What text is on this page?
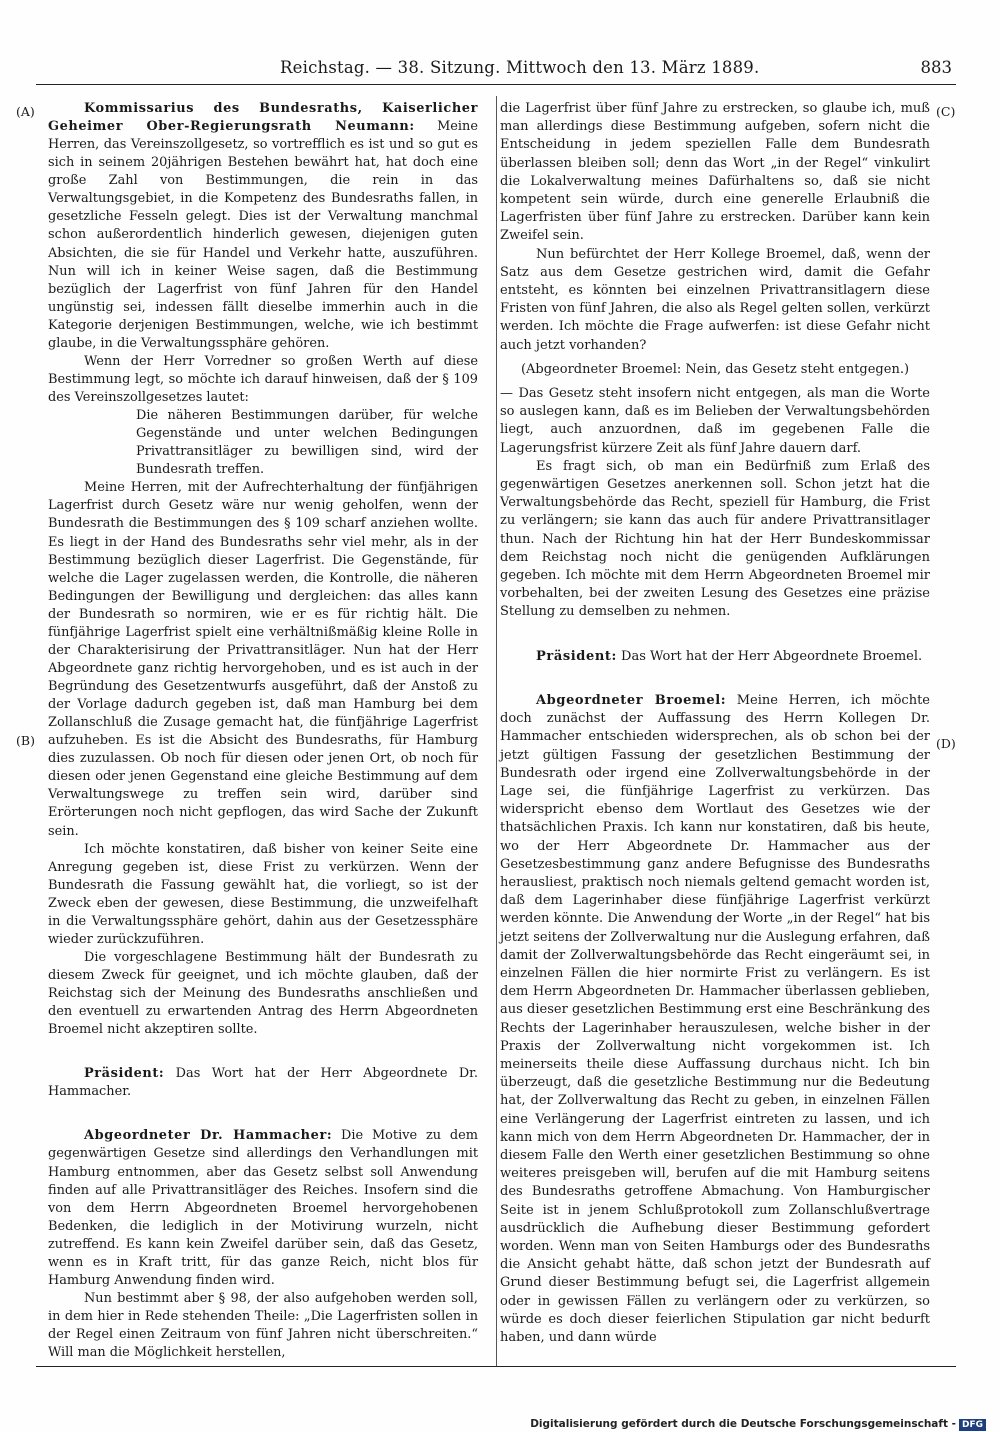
Reichstag. — 38. Sitzung. Mittwoch den 13. März 1889.	883
(A)
(B)
(C)
(D)

Kommissarius des Bundesraths, Kaiserlicher Geheimer Ober-Regierungsrath Neumann: Meine Herren, das Vereinszollgesetz, so vortrefflich es ist und so gut es sich in seinem 20jährigen Bestehen bewährt hat, hat doch eine große Zahl von Bestimmungen, die rein in das Verwaltungsgebiet, in die Kompetenz des Bundesraths fallen, in gesetzliche Fesseln gelegt. Dies ist der Verwaltung manchmal schon außerordentlich hinderlich gewesen, diejenigen guten Absichten, die sie für Handel und Verkehr hatte, auszuführen. Nun will ich in keiner Weise sagen, daß die Bestimmung bezüglich der Lagerfrist von fünf Jahren für den Handel ungünstig sei, indessen fällt dieselbe immerhin auch in die Kategorie derjenigen Bestimmungen, welche, wie ich bestimmt glaube, in die Verwaltungssphäre gehören.

Wenn der Herr Vorredner so großen Werth auf diese Bestimmung legt, so möchte ich darauf hinweisen, daß der § 109 des Vereinszollgesetzes lautet:

Die näheren Bestimmungen darüber, für welche Gegenstände und unter welchen Bedingungen Privattransitläger zu bewilligen sind, wird der Bundesrath treffen.

Meine Herren, mit der Aufrechterhaltung der fünfjährigen Lagerfrist durch Gesetz wäre nur wenig geholfen, wenn der Bundesrath die Bestimmungen des § 109 scharf anziehen wollte. Es liegt in der Hand des Bundesraths sehr viel mehr, als in der Bestimmung bezüglich dieser Lagerfrist. Die Gegenstände, für welche die Lager zugelassen werden, die Kontrolle, die näheren Bedingungen der Bewilligung und dergleichen: das alles kann der Bundesrath so normiren, wie er es für richtig hält. Die fünfjährige Lagerfrist spielt eine verhältnißmäßig kleine Rolle in der Charakterisirung der Privattransitläger. Nun hat der Herr Abgeordnete ganz richtig hervorgehoben, und es ist auch in der Begründung des Gesetzentwurfs ausgeführt, daß der Anstoß zu der Vorlage dadurch gegeben ist, daß man Hamburg bei dem Zollanschluß die Zusage gemacht hat, die fünfjährige Lagerfrist aufzuheben. Es ist die Absicht des Bundesraths, für Hamburg dies zuzulassen. Ob noch für diesen oder jenen Ort, ob noch für diesen oder jenen Gegenstand eine gleiche Bestimmung auf dem Verwaltungswege zu treffen sein wird, darüber sind Erörterungen noch nicht gepflogen, das wird Sache der Zukunft sein.

Ich möchte konstatiren, daß bisher von keiner Seite eine Anregung gegeben ist, diese Frist zu verkürzen. Wenn der Bundesrath die Fassung gewählt hat, die vorliegt, so ist der Zweck eben der gewesen, diese Bestimmung, die unzweifelhaft in die Verwaltungssphäre gehört, dahin aus der Gesetzessphäre wieder zurückzuführen.

Die vorgeschlagene Bestimmung hält der Bundesrath zu diesem Zweck für geeignet, und ich möchte glauben, daß der Reichstag sich der Meinung des Bundesraths anschließen und den eventuell zu erwartenden Antrag des Herrn Abgeordneten Broemel nicht akzeptiren sollte.

Präsident: Das Wort hat der Herr Abgeordnete Dr. Hammacher.

Abgeordneter Dr. Hammacher: Die Motive zu dem gegenwärtigen Gesetze sind allerdings den Verhandlungen mit Hamburg entnommen, aber das Gesetz selbst soll Anwendung finden auf alle Privattransitläger des Reiches. Insofern sind die von dem Herrn Abgeordneten Broemel hervorgehobenen Bedenken, die lediglich in der Motivirung wurzeln, nicht zutreffend. Es kann kein Zweifel darüber sein, daß das Gesetz, wenn es in Kraft tritt, für das ganze Reich, nicht blos für Hamburg Anwendung finden wird.

Nun bestimmt aber § 98, der also aufgehoben werden soll, in dem hier in Rede stehenden Theile: „Die Lagerfristen sollen in der Regel einen Zeitraum von fünf Jahren nicht überschreiten.“ Will man die Möglichkeit herstellen,

die Lagerfrist über fünf Jahre zu erstrecken, so glaube ich, muß man allerdings diese Bestimmung aufgeben, sofern nicht die Entscheidung in jedem speziellen Falle dem Bundesrath überlassen bleiben soll; denn das Wort „in der Regel“ vinkulirt die Lokalverwaltung meines Dafürhaltens so, daß sie nicht kompetent sein würde, durch eine generelle Erlaubniß die Lagerfristen über fünf Jahre zu erstrecken. Darüber kann kein Zweifel sein.

Nun befürchtet der Herr Kollege Broemel, daß, wenn der Satz aus dem Gesetze gestrichen wird, damit die Gefahr entsteht, es könnten bei einzelnen Privattransitlagern diese Fristen von fünf Jahren, die also als Regel gelten sollen, verkürzt werden. Ich möchte die Frage aufwerfen: ist diese Gefahr nicht auch jetzt vorhanden?

(Abgeordneter Broemel: Nein, das Gesetz steht entgegen.)

— Das Gesetz steht insofern nicht entgegen, als man die Worte so auslegen kann, daß es im Belieben der Verwaltungsbehörden liegt, auch anzuordnen, daß im gegebenen Falle die Lagerungsfrist kürzere Zeit als fünf Jahre dauern darf.

Es fragt sich, ob man ein Bedürfniß zum Erlaß des gegenwärtigen Gesetzes anerkennen soll. Schon jetzt hat die Verwaltungsbehörde das Recht, speziell für Hamburg, die Frist zu verlängern; sie kann das auch für andere Privattransitlager thun. Nach der Richtung hin hat der Herr Bundeskommissar dem Reichstag noch nicht die genügenden Aufklärungen gegeben. Ich möchte mit dem Herrn Abgeordneten Broemel mir vorbehalten, bei der zweiten Lesung des Gesetzes eine präzise Stellung zu demselben zu nehmen.

Präsident: Das Wort hat der Herr Abgeordnete Broemel.

Abgeordneter Broemel: Meine Herren, ich möchte doch zunächst der Auffassung des Herrn Kollegen Dr. Hammacher entschieden widersprechen, als ob schon bei der jetzt gültigen Fassung der gesetzlichen Bestimmung der Bundesrath oder irgend eine Zollverwaltungsbehörde in der Lage sei, die fünfjährige Lagerfrist zu verkürzen. Das widerspricht ebenso dem Wortlaut des Gesetzes wie der thatsächlichen Praxis. Ich kann nur konstatiren, daß bis heute, wo der Herr Abgeordnete Dr. Hammacher aus der Gesetzesbestimmung ganz andere Befugnisse des Bundesraths herausliest, praktisch noch niemals geltend gemacht worden ist, daß dem Lagerinhaber diese fünfjährige Lagerfrist verkürzt werden könnte. Die Anwendung der Worte „in der Regel“ hat bis jetzt seitens der Zollverwaltung nur die Auslegung erfahren, daß damit der Zollverwaltungsbehörde das Recht eingeräumt sei, in einzelnen Fällen die hier normirte Frist zu verlängern. Es ist dem Herrn Abgeordneten Dr. Hammacher überlassen geblieben, aus dieser gesetzlichen Bestimmung erst eine Beschränkung des Rechts der Lagerinhaber herauszulesen, welche bisher in der Praxis der Zollverwaltung nicht vorgekommen ist. Ich meinerseits theile diese Auffassung durchaus nicht. Ich bin überzeugt, daß die gesetzliche Bestimmung nur die Bedeutung hat, der Zollverwaltung das Recht zu geben, in einzelnen Fällen eine Verlängerung der Lagerfrist eintreten zu lassen, und ich kann mich von dem Herrn Abgeordneten Dr. Hammacher, der in diesem Falle den Werth einer gesetzlichen Bestimmung so ohne weiteres preisgeben will, berufen auf die mit Hamburg seitens des Bundesraths getroffene Abmachung. Von Hamburgischer Seite ist in jenem Schlußprotokoll zum Zollanschlußvertrage ausdrücklich die Aufhebung dieser Bestimmung gefordert worden. Wenn man von Seiten Hamburgs oder des Bundesraths die Ansicht gehabt hätte, daß schon jetzt der Bundesrath auf Grund dieser Bestimmung befugt sei, die Lagerfrist allgemein oder in gewissen Fällen zu verlängern oder zu verkürzen, so würde es doch dieser feierlichen Stipulation gar nicht bedurft haben, und dann würde

Digitalisierung gefördert durch die Deutsche Forschungsgemeinschaft - DFG
